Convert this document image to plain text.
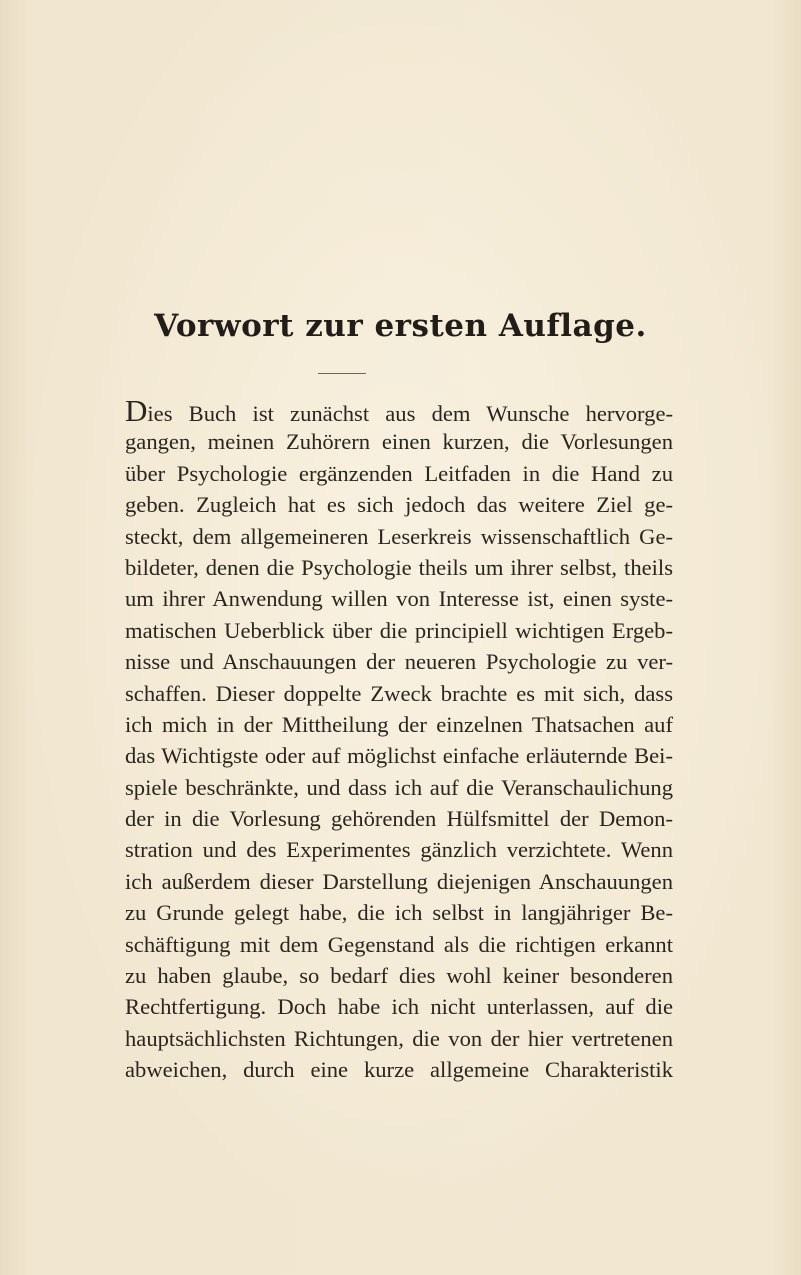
Vorwort zur ersten Auflage.
Dies Buch ist zunächst aus dem Wunsche hervorge-
gangen, meinen Zuhörern einen kurzen, die Vorlesungen
über Psychologie ergänzenden Leitfaden in die Hand zu
geben. Zugleich hat es sich jedoch das weitere Ziel ge-
steckt, dem allgemeineren Leserkreis wissenschaftlich Ge-
bildeter, denen die Psychologie theils um ihrer selbst, theils
um ihrer Anwendung willen von Interesse ist, einen syste-
matischen Ueberblick über die principiell wichtigen Ergeb-
nisse und Anschauungen der neueren Psychologie zu ver-
schaffen. Dieser doppelte Zweck brachte es mit sich, dass
ich mich in der Mittheilung der einzelnen Thatsachen auf
das Wichtigste oder auf möglichst einfache erläuternde Bei-
spiele beschränkte, und dass ich auf die Veranschaulichung
der in die Vorlesung gehörenden Hülfsmittel der Demon-
stration und des Experimentes gänzlich verzichtete. Wenn
ich außerdem dieser Darstellung diejenigen Anschauungen
zu Grunde gelegt habe, die ich selbst in langjähriger Be-
schäftigung mit dem Gegenstand als die richtigen erkannt
zu haben glaube, so bedarf dies wohl keiner besonderen
Rechtfertigung. Doch habe ich nicht unterlassen, auf die
hauptsächlichsten Richtungen, die von der hier vertretenen
abweichen, durch eine kurze allgemeine Charakteristik
